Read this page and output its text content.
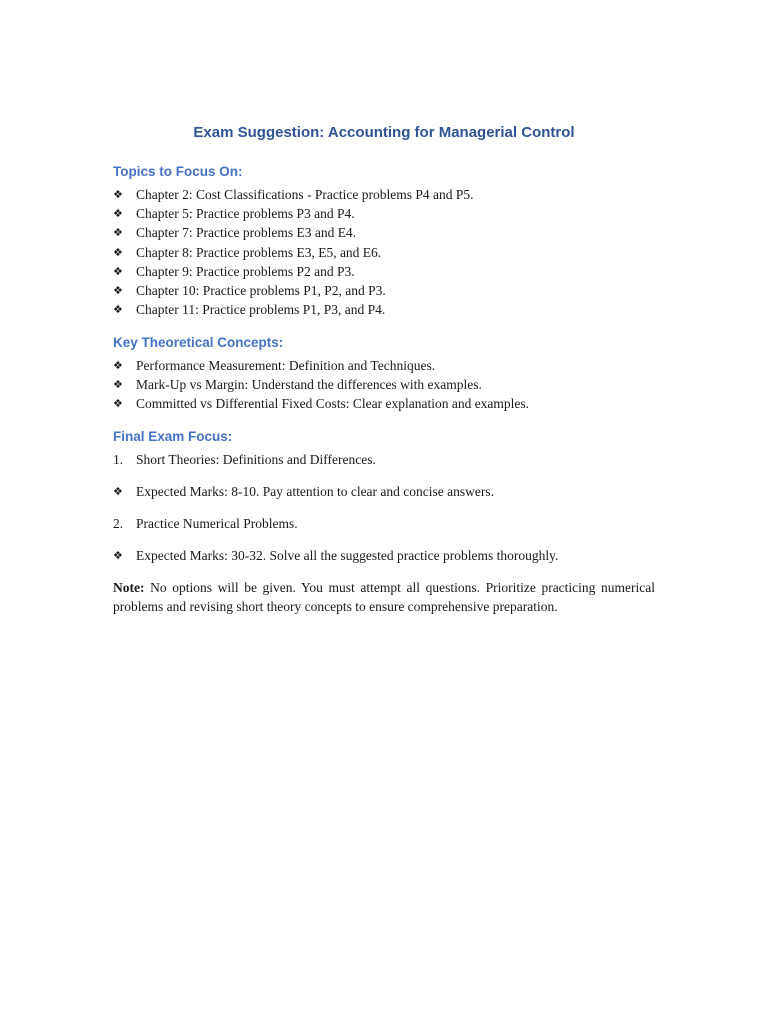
Exam Suggestion: Accounting for Managerial Control
Topics to Focus On:
❖ Chapter 2: Cost Classifications - Practice problems P4 and P5.
❖ Chapter 5: Practice problems P3 and P4.
❖ Chapter 7: Practice problems E3 and E4.
❖ Chapter 8: Practice problems E3, E5, and E6.
❖ Chapter 9: Practice problems P2 and P3.
❖ Chapter 10: Practice problems P1, P2, and P3.
❖ Chapter 11: Practice problems P1, P3, and P4.
Key Theoretical Concepts:
❖ Performance Measurement: Definition and Techniques.
❖ Mark-Up vs Margin: Understand the differences with examples.
❖ Committed vs Differential Fixed Costs: Clear explanation and examples.
Final Exam Focus:
1. Short Theories: Definitions and Differences.
❖ Expected Marks: 8-10. Pay attention to clear and concise answers.
2. Practice Numerical Problems.
❖ Expected Marks: 30-32. Solve all the suggested practice problems thoroughly.

Note: No options will be given. You must attempt all questions. Prioritize practicing numerical problems and revising short theory concepts to ensure comprehensive preparation.
